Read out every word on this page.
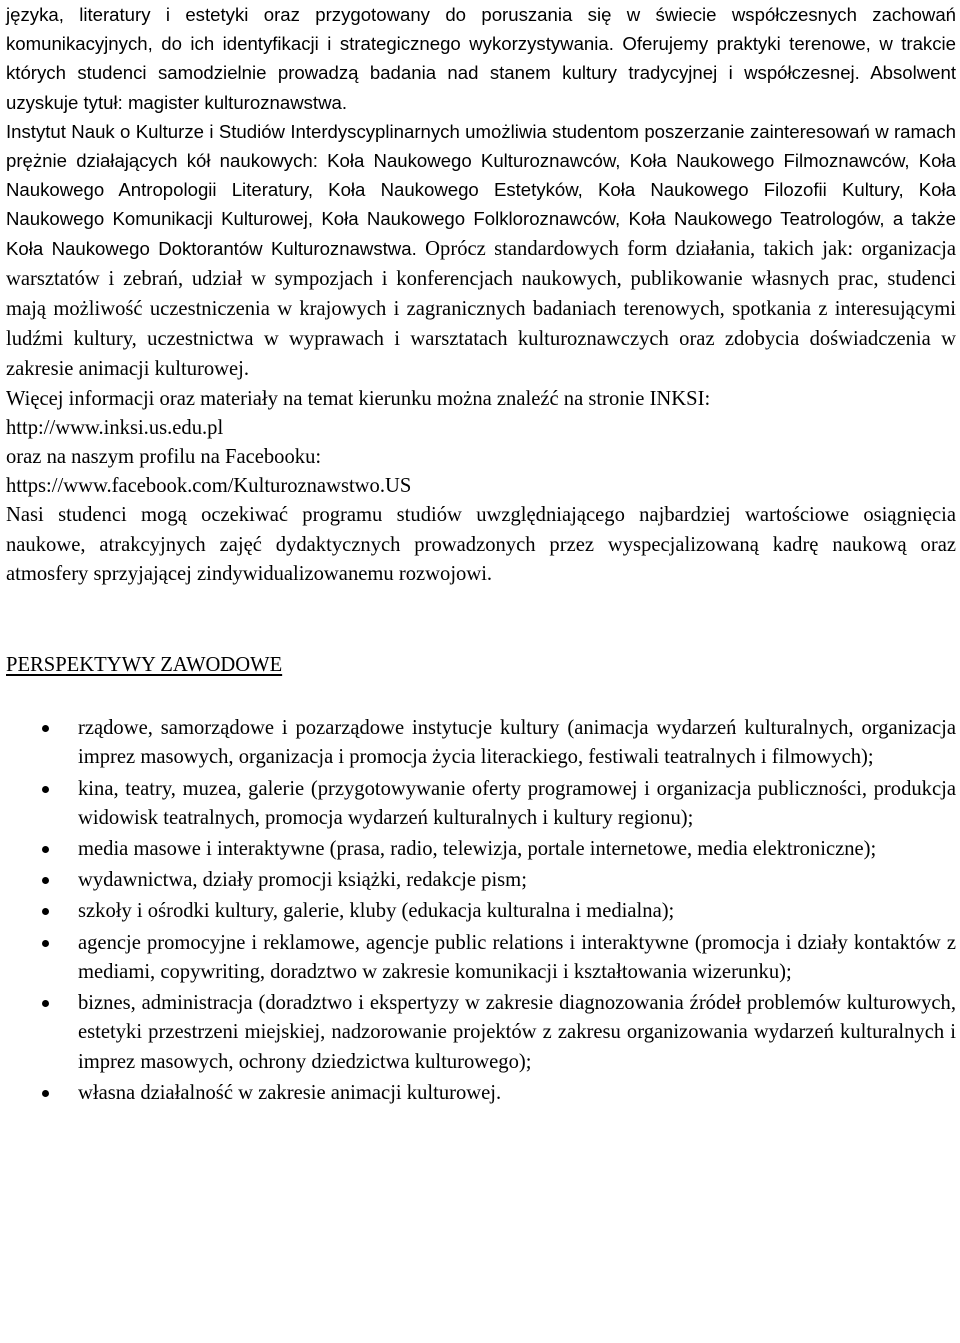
języka, literatury i estetyki oraz przygotowany do poruszania się w świecie współczesnych zachowań komunikacyjnych, do ich identyfikacji i strategicznego wykorzystywania. Oferujemy praktyki terenowe, w trakcie których studenci samodzielnie prowadzą badania nad stanem kultury tradycyjnej i współczesnej. Absolwent uzyskuje tytuł: magister kulturoznawstwa.

Instytut Nauk o Kulturze i Studiów Interdyscyplinarnych umożliwia studentom poszerzanie zainteresowań w ramach prężnie działających kół naukowych: Koła Naukowego Kulturoznawców, Koła Naukowego Filmoznawców, Koła Naukowego Antropologii Literatury, Koła Naukowego Estetyków, Koła Naukowego Filozofii Kultury, Koła Naukowego Komunikacji Kulturowej, Koła Naukowego Folkloroznawców, Koła Naukowego Teatrologów, a także Koła Naukowego Doktorantów Kulturoznawstwa. Oprócz standardowych form działania, takich jak: organizacja warsztatów i zebrań, udział w sympozjach i konferencjach naukowych, publikowanie własnych prac, studenci mają możliwość uczestniczenia w krajowych i zagranicznych badaniach terenowych, spotkania z interesującymi ludźmi kultury, uczestnictwa w wyprawach i warsztatach kulturoznawczych oraz zdobycia doświadczenia w zakresie animacji kulturowej.

Więcej informacji oraz materiały na temat kierunku można znaleźć na stronie INKSI:

http://www.inksi.us.edu.pl

oraz na naszym profilu na Facebooku:

https://www.facebook.com/Kulturoznawstwo.US

Nasi studenci mogą oczekiwać programu studiów uwzględniającego najbardziej wartościowe osiągnięcia naukowe, atrakcyjnych zajęć dydaktycznych prowadzonych przez wyspecjalizowaną kadrę naukową oraz atmosfery sprzyjającej zindywidualizowanemu rozwojowi.

PERSPEKTYWY ZAWODOWE
rządowe, samorządowe i pozarządowe instytucje kultury (animacja wydarzeń kulturalnych, organizacja imprez masowych, organizacja i promocja życia literackiego, festiwali teatralnych i filmowych);
kina, teatry, muzea, galerie (przygotowywanie oferty programowej i organizacja publiczności, produkcja widowisk teatralnych, promocja wydarzeń kulturalnych i kultury regionu);
media masowe i interaktywne (prasa, radio, telewizja, portale internetowe, media elektroniczne);
wydawnictwa, działy promocji książki, redakcje pism;
szkoły i ośrodki kultury, galerie, kluby (edukacja kulturalna i medialna);
agencje promocyjne i reklamowe, agencje public relations i interaktywne (promocja i działy kontaktów z mediami, copywriting, doradztwo w zakresie komunikacji i kształtowania wizerunku);
biznes, administracja (doradztwo i ekspertyzy w zakresie diagnozowania źródeł problemów kulturowych, estetyki przestrzeni miejskiej, nadzorowanie projektów z zakresu organizowania wydarzeń kulturalnych i imprez masowych, ochrony dziedzictwa kulturowego);
własna działalność w zakresie animacji kulturowej.
